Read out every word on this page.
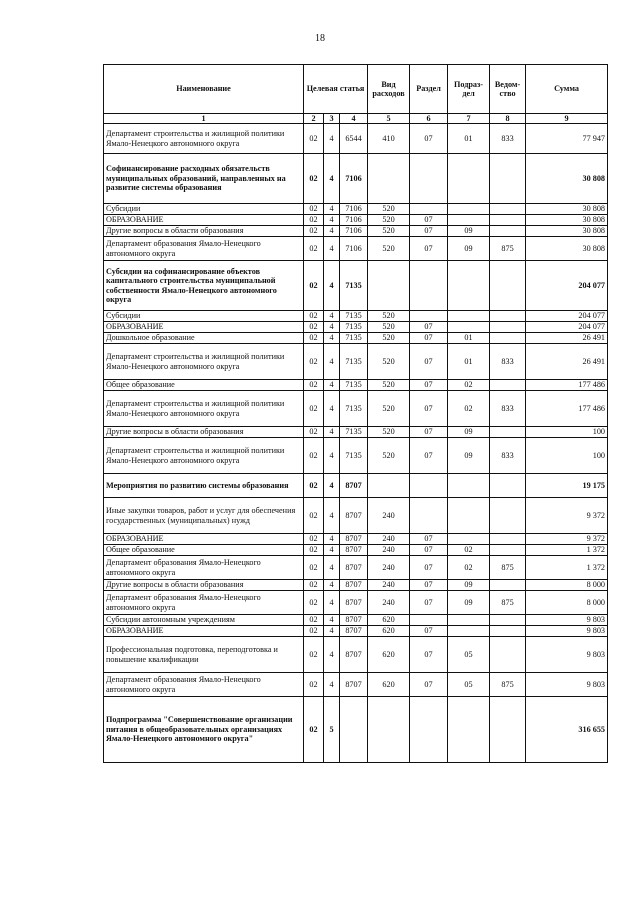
18
Наименование	Целевая статья			Вид расходов	Раздел	Подраз-дел	Ведом-ство	Сумма
1	2	3	4	5	6	7	8	9
Департамент строительства и жилищной политики Ямало-Ненецкого автономного округа	02	4	6544	410	07	01	833	77 947
Софинансирование расходных обязательств муниципальных образований, направленных на развитие системы образования	02	4	7106					30 808
Субсидии	02	4	7106	520				30 808
ОБРАЗОВАНИЕ	02	4	7106	520	07			30 808
Другие вопросы в области образования	02	4	7106	520	07	09		30 808
Департамент образования Ямало-Ненецкого автономного округа	02	4	7106	520	07	09	875	30 808
Субсидии на софинансирование объектов капитального строительства муниципальной собственности Ямало-Ненецкого автономного округа	02	4	7135					204 077
Субсидии	02	4	7135	520				204 077
ОБРАЗОВАНИЕ	02	4	7135	520	07			204 077
Дошкольное образование	02	4	7135	520	07	01		26 491
Департамент строительства и жилищной политики Ямало-Ненецкого автономного округа	02	4	7135	520	07	01	833	26 491
Общее образование	02	4	7135	520	07	02		177 486
Департамент строительства и жилищной политики Ямало-Ненецкого автономного округа	02	4	7135	520	07	02	833	177 486
Другие вопросы в области образования	02	4	7135	520	07	09		100
Департамент строительства и жилищной политики Ямало-Ненецкого автономного округа	02	4	7135	520	07	09	833	100
Мероприятия по развитию системы образования	02	4	8707					19 175
Иные закупки товаров, работ и услуг для обеспечения государственных (муниципальных) нужд	02	4	8707	240				9 372
ОБРАЗОВАНИЕ	02	4	8707	240	07			9 372
Общее образование	02	4	8707	240	07	02		1 372
Департамент образования Ямало-Ненецкого автономного округа	02	4	8707	240	07	02	875	1 372
Другие вопросы в области образования	02	4	8707	240	07	09		8 000
Департамент образования Ямало-Ненецкого автономного округа	02	4	8707	240	07	09	875	8 000
Субсидии автономным учреждениям	02	4	8707	620				9 803
ОБРАЗОВАНИЕ	02	4	8707	620	07			9 803
Профессиональная подготовка, переподготовка и повышение квалификации	02	4	8707	620	07	05		9 803
Департамент образования Ямало-Ненецкого автономного округа	02	4	8707	620	07	05	875	9 803
Подпрограмма "Совершенствование организации питания в общеобразовательных организациях Ямало-Ненецкого автономного округа"	02	5						316 655
